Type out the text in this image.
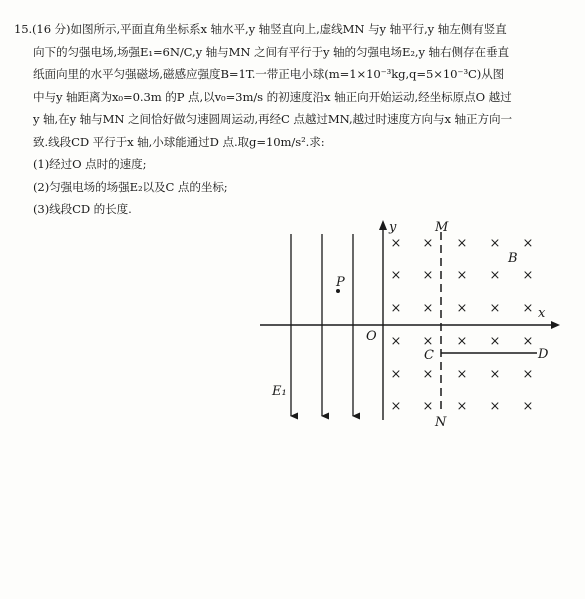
15.(16 分)如图所示,平面直角坐标系x 轴水平,y 轴竖直向上,虚线MN 与y 轴平行,y 轴左侧有竖直
向下的匀强电场,场强E₁=6N/C,y 轴与MN 之间有平行于y 轴的匀强电场E₂,y 轴右侧存在垂直
纸面向里的水平匀强磁场,磁感应强度B=1T.一带正电小球(m=1×10⁻³kg,q=5×10⁻³C)从图
中与y 轴距离为x₀=0.3m 的P 点,以v₀=3m/s 的初速度沿x 轴正向开始运动,经坐标原点O 越过
y 轴,在y 轴与MN 之间恰好做匀速圆周运动,再经C 点越过MN,越过时速度方向与x 轴正方向一
致.线段CD 平行于x 轴,小球能通过D 点.取g=10m/s².求:
(1)经过O 点时的速度;
(2)匀强电场的场强E₂以及C 点的坐标;
(3)线段CD 的长度.
× × × × ×
× × × × ×
× × × × ×
× × × × ×
× × × × ×
× × × × ×
y	M
B
P
x
O
C	D
E₁
N
